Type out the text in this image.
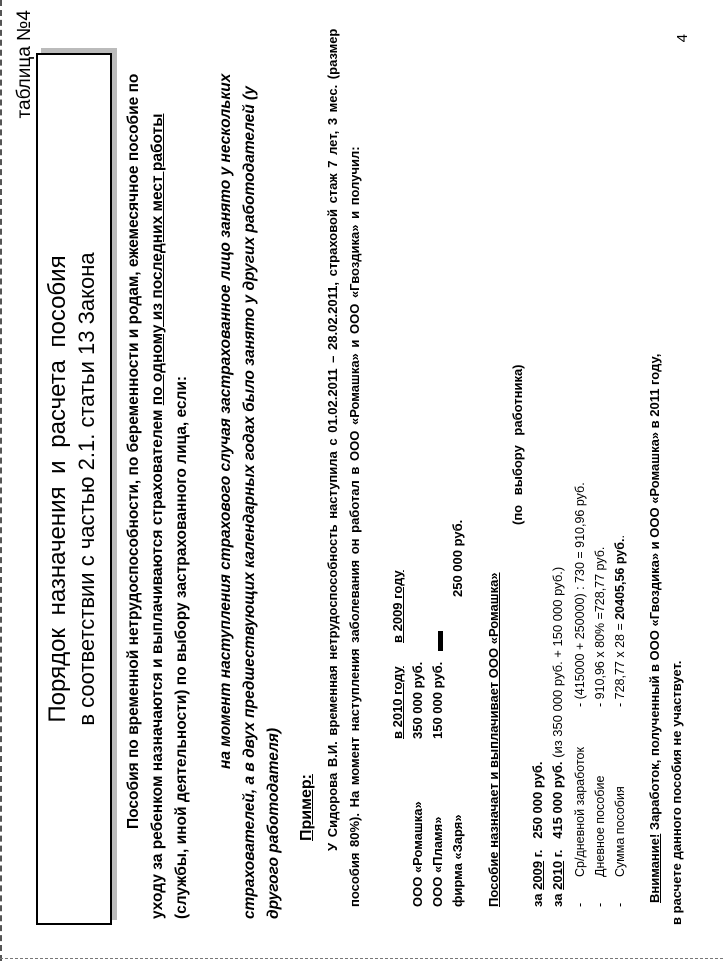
таблица №4
Порядок назначения и расчета пособия в соответствии с частью 2.1. статьи 13 Закона Пособия по временной нетрудоспособности, по беременности и родам, ежемесячное пособие по уходу за ребенком назначаются и выплачиваются страхователем по одному из последних мест работы (службы, иной деятельности) по выбору застрахованного лица, если: на момент наступления страхового случая застрахованное лицо занято у нескольких страхователей, а в двух предшествующих календарных годах было занято у других работодателей (у другого работодателя) Пример: У Сидорова В.И. временная нетрудоспособность наступила с 01.02.2011 – 28.02.2011, страховой стаж 7 лет, 3 мес. (размер пособия 80%). На момент наступления заболевания он работал в ООО «Ромашка» и ООО «Гвоздика» и получил:	ООО «Ромашка» ООО «Пламя» фирма «Заря»
в 2010 году 350 000 руб. 150 000 руб.
в 2009 году
250 000 руб.
Пособие назначает и выплачивает ООО «Ромашка»
(по выбору работника)
за 2009 г.   250 000 руб.
за 2010 г.   415 000 руб. (из 350 000 руб. + 150 000 руб.)
-
Ср/дневной заработок
- (415000 + 250000) : 730 = 910,96 руб.
-
Дневное пособие
- 910,96 х 80% =728,77 руб.
-
Сумма пособия
- 728,77 х 28 = 20405,56 руб..

Внимание! Заработок, полученный в ООО «Гвоздика» и ООО «Ромашка» в 2011 году, в расчете данного пособия не участвует.

4
